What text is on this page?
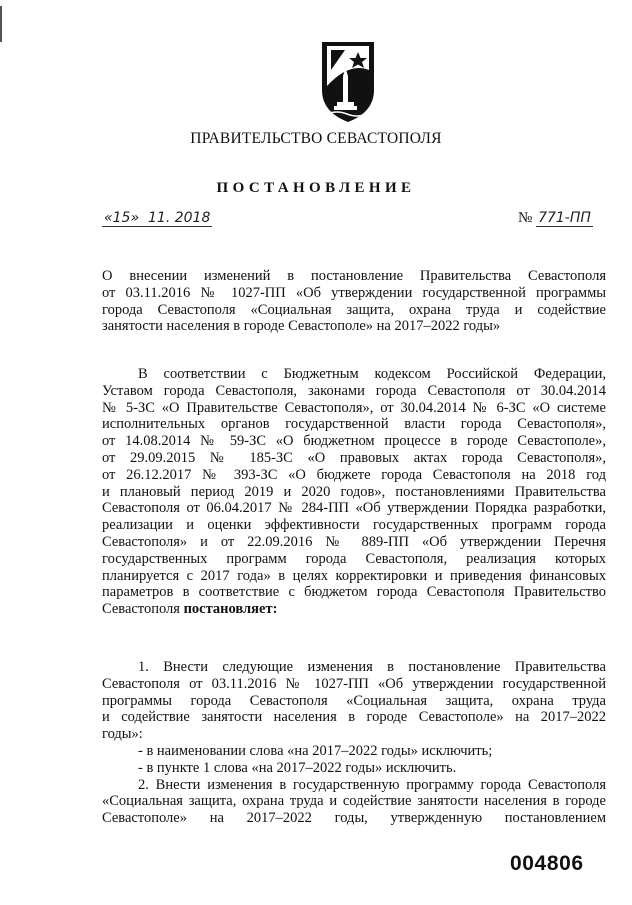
ПРАВИТЕЛЬСТВО СЕВАСТОПОЛЯ
ПОСТАНОВЛЕНИЕ
«15» 11. 2018	№ 771-ПП
О внесении изменений в постановление Правительства Севастополя
от 03.11.2016 № 1027-ПП «Об утверждении государственной программы
города Севастополя «Социальная защита, охрана труда и содействие
занятости населения в городе Севастополе» на 2017–2022 годы»
В соответствии с Бюджетным кодексом Российской Федерации,
Уставом города Севастополя, законами города Севастополя от 30.04.2014
№ 5-ЗС «О Правительстве Севастополя», от 30.04.2014 № 6-ЗС «О системе
исполнительных органов государственной власти города Севастополя»,
от 14.08.2014 № 59-ЗС «О бюджетном процессе в городе Севастополе»,
от 29.09.2015 № 185-ЗС «О правовых актах города Севастополя»,
от 26.12.2017 № 393-ЗС «О бюджете города Севастополя на 2018 год
и плановый период 2019 и 2020 годов», постановлениями Правительства
Севастополя от 06.04.2017 № 284-ПП «Об утверждении Порядка разработки,
реализации и оценки эффективности государственных программ города
Севастополя» и от 22.09.2016 № 889-ПП «Об утверждении Перечня
государственных программ города Севастополя, реализация которых
планируется с 2017 года» в целях корректировки и приведения финансовых
параметров в соответствие с бюджетом города Севастополя Правительство
Севастополя постановляет:
1. Внести следующие изменения в постановление Правительства
Севастополя от 03.11.2016 № 1027-ПП «Об утверждении государственной
программы города Севастополя «Социальная защита, охрана труда
и содействие занятости населения в городе Севастополе» на 2017–2022
годы»:
- в наименовании слова «на 2017–2022 годы» исключить;
- в пункте 1 слова «на 2017–2022 годы» исключить.
2. Внести изменения в государственную программу города Севастополя
«Социальная защита, охрана труда и содействие занятости населения в городе
Севастополе» на 2017–2022 годы, утвержденную постановлением
004806
